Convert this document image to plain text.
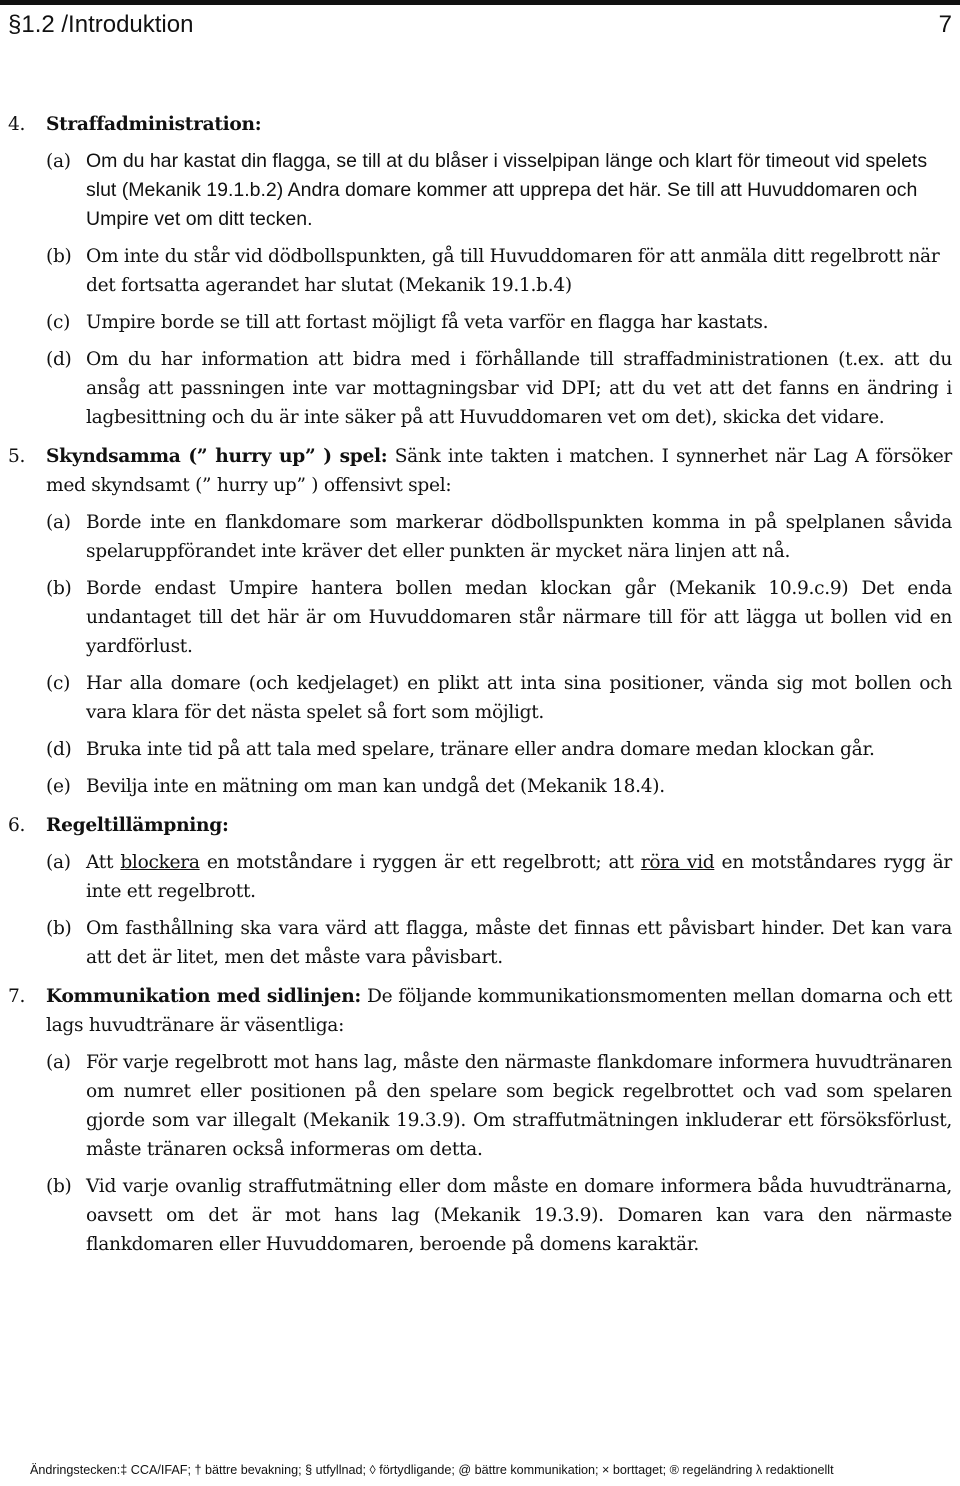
§1.2 /Introduktion	7
4. Straffadministration:
(a) Om du har kastat din flagga, se till at du blåser i visselpipan länge och klart för timeout vid spelets slut (Mekanik 19.1.b.2) Andra domare kommer att upprepa det här. Se till att Huvuddomaren och Umpire vet om ditt tecken.
(b) Om inte du står vid dödbollspunkten, gå till Huvuddomaren för att anmäla ditt regelbrott när det fortsatta agerandet har slutat (Mekanik 19.1.b.4)
(c) Umpire borde se till att fortast möjligt få veta varför en flagga har kastats.
(d) Om du har information att bidra med i förhållande till straffadministrationen (t.ex. att du ansåg att passningen inte var mottagningsbar vid DPI; att du vet att det fanns en ändring i lagbesittning och du är inte säker på att Huvuddomaren vet om det), skicka det vidare.
5. Skyndsamma (” hurry up” ) spel: Sänk inte takten i matchen. I synnerhet när Lag A försöker med skyndsamt (” hurry up” ) offensivt spel:
(a) Borde inte en flankdomare som markerar dödbollspunkten komma in på spelplanen såvida spelaruppförandet inte kräver det eller punkten är mycket nära linjen att nå.
(b) Borde endast Umpire hantera bollen medan klockan går (Mekanik 10.9.c.9) Det enda undantaget till det här är om Huvuddomaren står närmare till för att lägga ut bollen vid en yardförlust.
(c) Har alla domare (och kedjelaget) en plikt att inta sina positioner, vända sig mot bollen och vara klara för det nästa spelet så fort som möjligt.
(d) Bruka inte tid på att tala med spelare, tränare eller andra domare medan klockan går.
(e) Bevilja inte en mätning om man kan undgå det (Mekanik 18.4).
6. Regeltillämpning:
(a) Att blockera en motståndare i ryggen är ett regelbrott; att röra vid en motståndares rygg är inte ett regelbrott.
(b) Om fasthållning ska vara värd att flagga, måste det finnas ett påvisbart hinder. Det kan vara att det är litet, men det måste vara påvisbart.
7. Kommunikation med sidlinjen: De följande kommunikationsmomenten mellan domarna och ett lags huvudtränare är väsentliga:
(a) För varje regelbrott mot hans lag, måste den närmaste flankdomare informera huvudtränaren om numret eller positionen på den spelare som begick regelbrottet och vad som spelaren gjorde som var illegalt (Mekanik 19.3.9). Om straffutmätningen inkluderar ett försöksförlust, måste tränaren också informeras om detta.
(b) Vid varje ovanlig straffutmätning eller dom måste en domare informera båda huvudtränarna, oavsett om det är mot hans lag (Mekanik 19.3.9). Domaren kan vara den närmaste flankdomaren eller Huvuddomaren, beroende på domens karaktär.
Ändringstecken:‡ CCA/IFAF; † bättre bevakning; § utfyllnad; ◊ förtydligande; @ bättre kommunikation; × borttaget; ® regeländring λ redaktionellt
